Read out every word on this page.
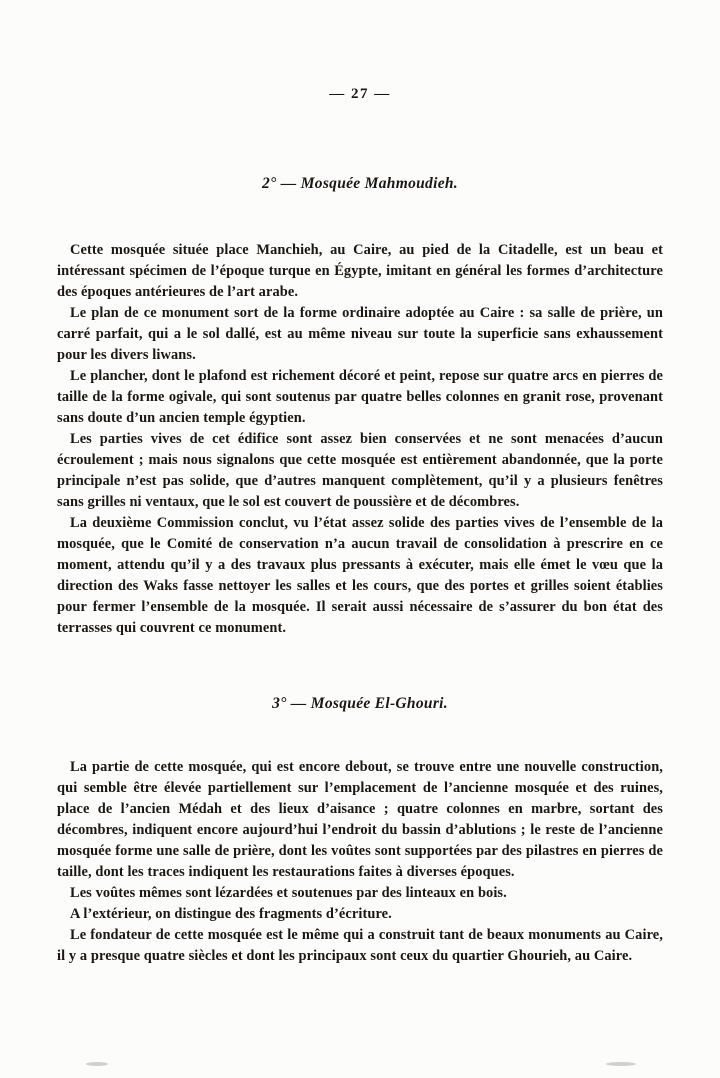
— 27 —
2° — Mosquée Mahmoudieh.

Cette mosquée située place Manchieh, au Caire, au pied de la Citadelle, est un beau et intéressant spécimen de l’époque turque en Égypte, imitant en général les formes d’architecture des époques antérieures de l’art arabe.

Le plan de ce monument sort de la forme ordinaire adoptée au Caire : sa salle de prière, un carré parfait, qui a le sol dallé, est au même niveau sur toute la superficie sans exhaussement pour les divers liwans.

Le plancher, dont le plafond est richement décoré et peint, repose sur quatre arcs en pierres de taille de la forme ogivale, qui sont soutenus par quatre belles colonnes en granit rose, provenant sans doute d’un ancien temple égyptien.

Les parties vives de cet édifice sont assez bien conservées et ne sont menacées d’aucun écroulement ; mais nous signalons que cette mosquée est entièrement abandonnée, que la porte principale n’est pas solide, que d’autres manquent complètement, qu’il y a plusieurs fenêtres sans grilles ni ventaux, que le sol est couvert de poussière et de décombres.

La deuxième Commission conclut, vu l’état assez solide des parties vives de l’ensemble de la mosquée, que le Comité de conservation n’a aucun travail de consolidation à prescrire en ce moment, attendu qu’il y a des travaux plus pressants à exécuter, mais elle émet le vœu que la direction des Waks fasse nettoyer les salles et les cours, que des portes et grilles soient établies pour fermer l’ensemble de la mosquée. Il serait aussi nécessaire de s’assurer du bon état des terrasses qui couvrent ce monument.

3° — Mosquée El-Ghouri.

La partie de cette mosquée, qui est encore debout, se trouve entre une nouvelle construction, qui semble être élevée partiellement sur l’emplacement de l’ancienne mosquée et des ruines, place de l’ancien Médah et des lieux d’aisance ; quatre colonnes en marbre, sortant des décombres, indiquent encore aujourd’hui l’endroit du bassin d’ablutions ; le reste de l’ancienne mosquée forme une salle de prière, dont les voûtes sont supportées par des pilastres en pierres de taille, dont les traces indiquent les restaurations faites à diverses époques.

Les voûtes mêmes sont lézardées et soutenues par des linteaux en bois.

A l’extérieur, on distingue des fragments d’écriture.

Le fondateur de cette mosquée est le même qui a construit tant de beaux monuments au Caire, il y a presque quatre siècles et dont les principaux sont ceux du quartier Ghourieh, au Caire.
